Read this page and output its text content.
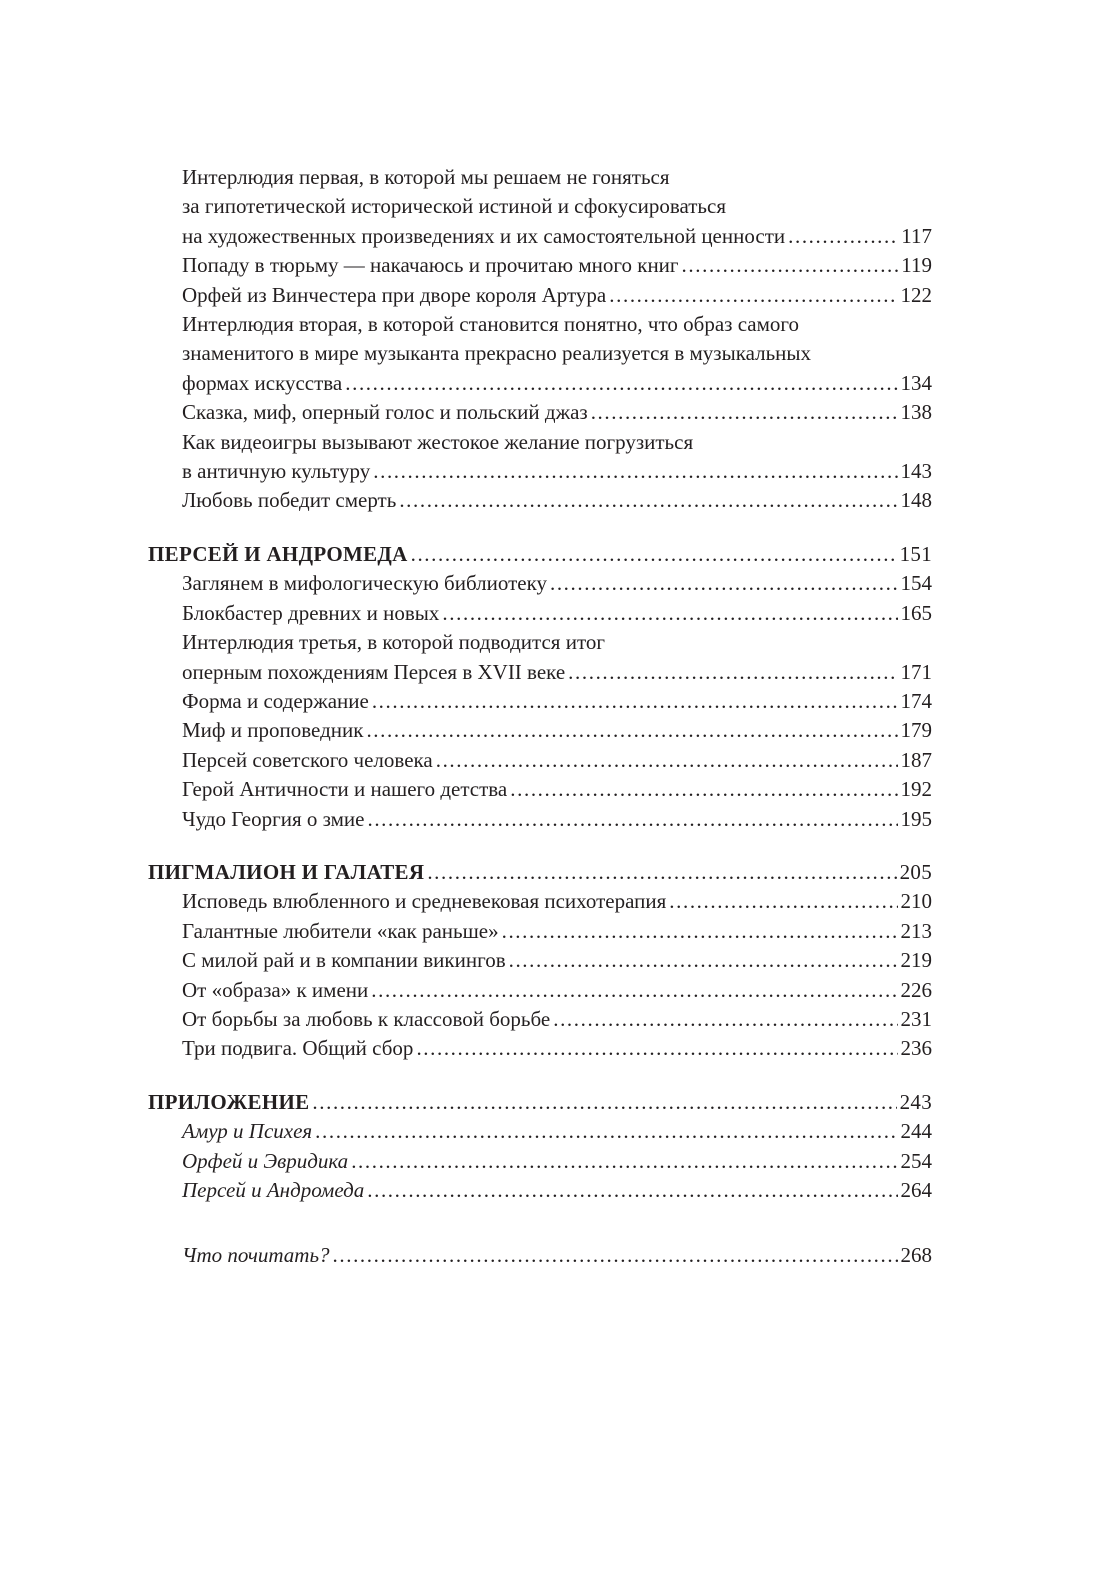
Интерлюдия первая, в которой мы решаем не гоняться
за гипотетической исторической истиной и сфокусироваться
на художественных произведениях и их самостоятельной ценности .....	117
Попаду в тюрьму — накачаюсь и прочитаю много книг .....	119
Орфей из Винчестера при дворе короля Артура .....	122
Интерлюдия вторая, в которой становится понятно, что образ самого
знаменитого в мире музыканта прекрасно реализуется в музыкальных
формах искусства .....	134
Сказка, миф, оперный голос и польский джаз .....	138
Как видеоигры вызывают жестокое желание погрузиться
в античную культуру .....	143
Любовь победит смерть .....	148
ПЕРСЕЙ И АНДРОМЕДА .....	151
Заглянем в мифологическую библиотеку .....	154
Блокбастер древних и новых .....	165
Интерлюдия третья, в которой подводится итог
оперным похождениям Персея в XVII веке .....	171
Форма и содержание .....	174
Миф и проповедник .....	179
Персей советского человека .....	187
Герой Античности и нашего детства .....	192
Чудо Георгия о змие .....	195
ПИГМАЛИОН И ГАЛАТЕЯ .....	205
Исповедь влюбленного и средневековая психотерапия .....	210
Галантные любители «как раньше» .....	213
С милой рай и в компании викингов .....	219
От «образа» к имени .....	226
От борьбы за любовь к классовой борьбе .....	231
Три подвига. Общий сбор .....	236
ПРИЛОЖЕНИЕ .....	243
Амур и Психея .....	244
Орфей и Эвридика .....	254
Персей и Андромеда .....	264
Что почитать? .....	268
